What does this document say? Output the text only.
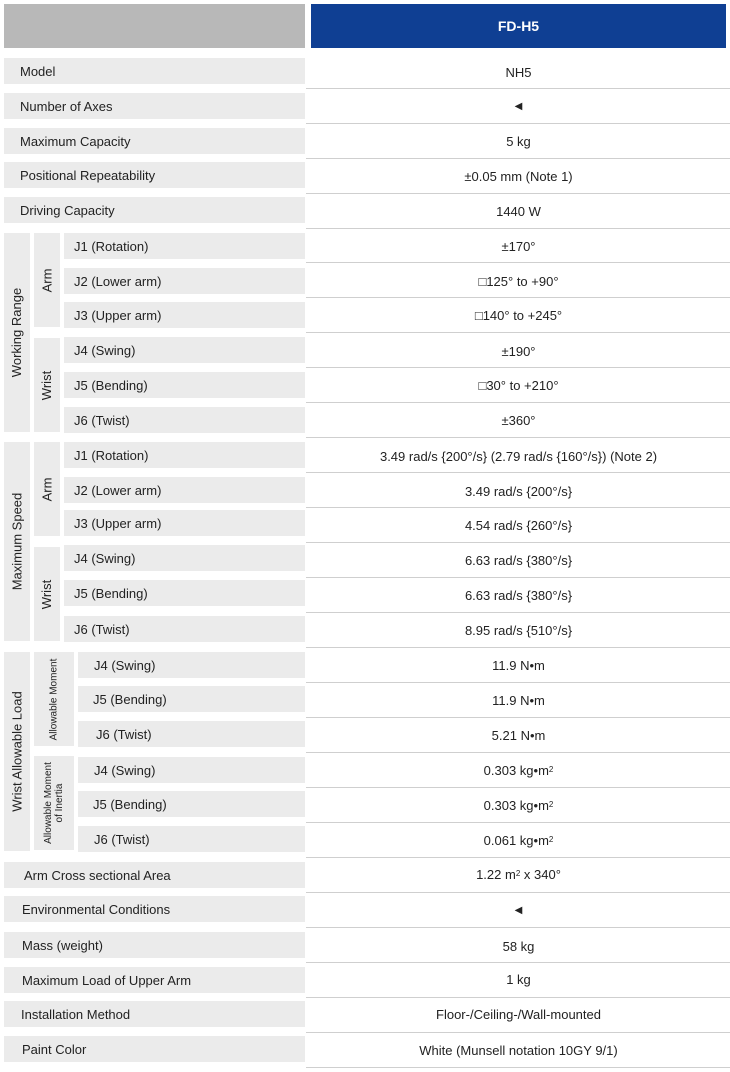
FD-H5
Model	NH5
Number of Axes	◀
Maximum Capacity	5 kg
Positional Repeatability	±0.05 mm (Note 1)
Driving Capacity	1440 W
Working Range
Arm
Wrist
J1 (Rotation)	±170°
J2 (Lower arm)	□125° to +90°
J3 (Upper arm)	□140° to +245°
J4 (Swing)	±190°
J5 (Bending)	□30° to +210°
J6 (Twist)	±360°
Maximum Speed
Arm
Wrist
J1 (Rotation)	3.49 rad/s {200°/s} (2.79 rad/s {160°/s}) (Note 2)
J2 (Lower arm)	3.49 rad/s {200°/s}
J3 (Upper arm)	4.54 rad/s {260°/s}
J4 (Swing)	6.63 rad/s {380°/s}
J5 (Bending)	6.63 rad/s {380°/s}
J6 (Twist)	8.95 rad/s {510°/s}
Wrist Allowable Load Allowable Moment
Allowable Moment
of Inertia
J4 (Swing)	11.9 N•m
J5 (Bending)	11.9 N•m
J6 (Twist)	5.21 N•m
J4 (Swing)	0.303 kg•m 2
J5 (Bending)	0.303 kg•m 2
J6 (Twist)	0.061 kg•m 2
Arm Cross sectional Area	1.22 m 2 x 340°
Environmental Conditions	◀
Mass (weight)	58 kg
Maximum Load of Upper Arm	1 kg
Installation Method	Floor-/Ceiling-/Wall-mounted
Paint Color	White (Munsell notation 10GY 9/1)
